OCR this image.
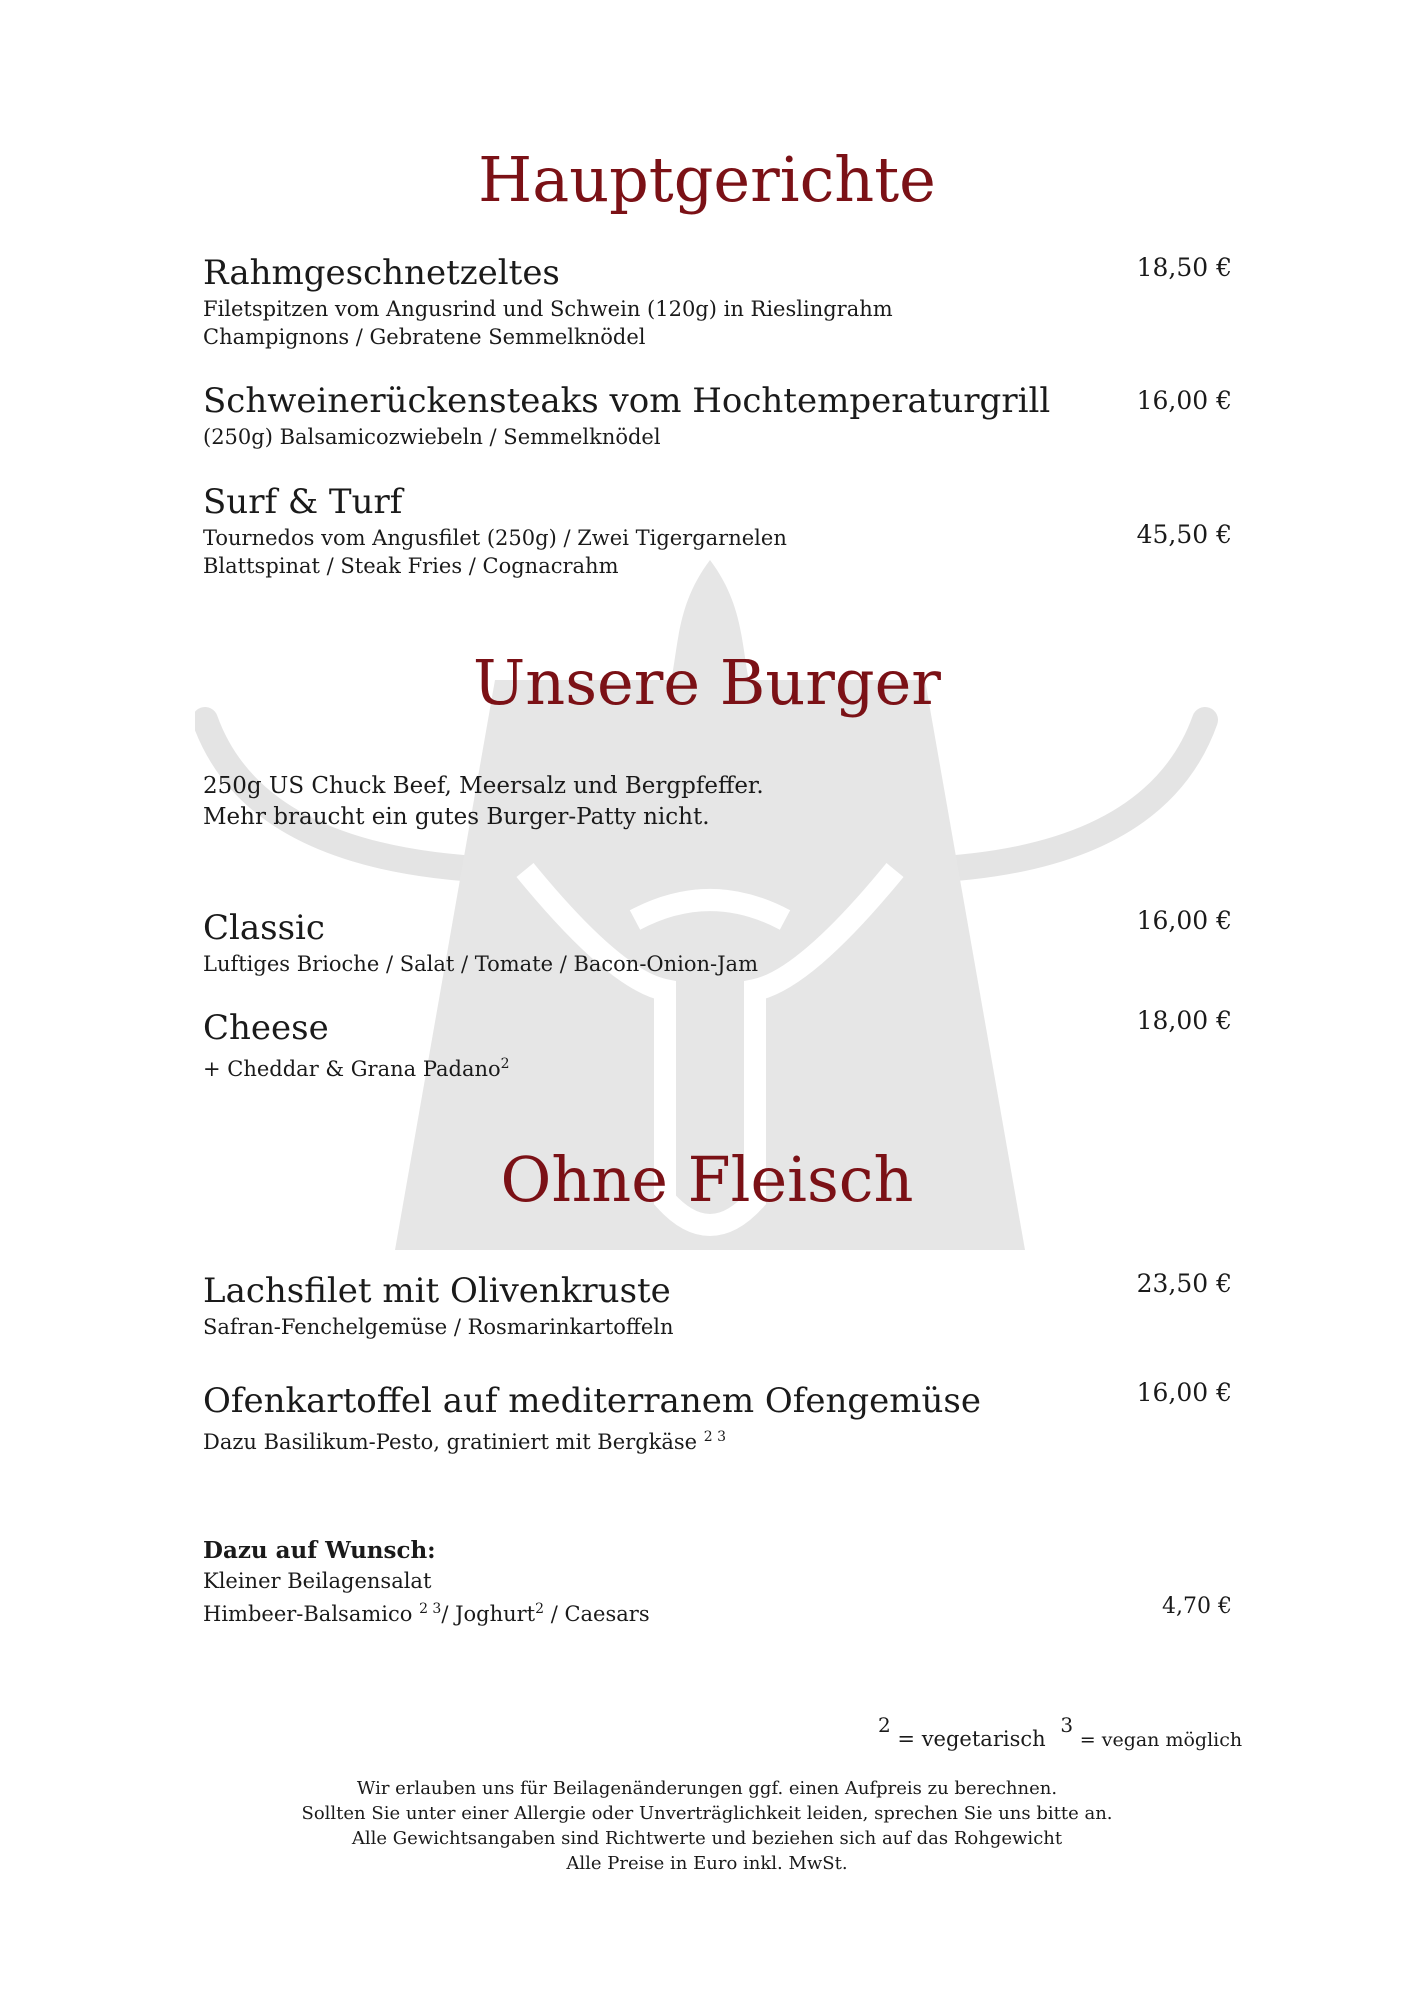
Hauptgerichte
Rahmgeschnetzeltes
Filetspitzen vom Angusrind und Schwein (120g) in Rieslingrahm
Champignons / Gebratene Semmelknödel
18,50 €
Schweinerückensteaks vom Hochtemperaturgrill
(250g) Balsamicozwiebeln / Semmelknödel
16,00 €
Surf & Turf
Tournedos vom Angusfilet (250g) / Zwei Tigergarnelen
Blattspinat / Steak Fries / Cognacrahm
45,50 €
Unsere Burger
250g US Chuck Beef, Meersalz und Bergpfeffer.
Mehr braucht ein gutes Burger-Patty nicht.
Classic
Luftiges Brioche / Salat / Tomate / Bacon-Onion-Jam
16,00 €
Cheese
+ Cheddar & Grana Padano$^2$
18,00 €
Ohne Fleisch
Lachsfilet mit Olivenkruste
Safran-Fenchelgemüse / Rosmarinkartoffeln
23,50 €
Ofenkartoffel auf mediterranem Ofengemüse
Dazu Basilikum-Pesto, gratiniert mit Bergkäse $^{2 3}$
16,00 €
Dazu auf Wunsch:
Kleiner Beilagensalat
Himbeer-Balsamico $^{2 3}$/ Joghurt$^2$ / Caesars	4,70 €
2 = vegetarisch 3 = vegan möglich
Wir erlauben uns für Beilagenänderungen ggf. einen Aufpreis zu berechnen.
Sollten Sie unter einer Allergie oder Unverträglichkeit leiden, sprechen Sie uns bitte an.
Alle Gewichtsangaben sind Richtwerte und beziehen sich auf das Rohgewicht
Alle Preise in Euro inkl. MwSt.
